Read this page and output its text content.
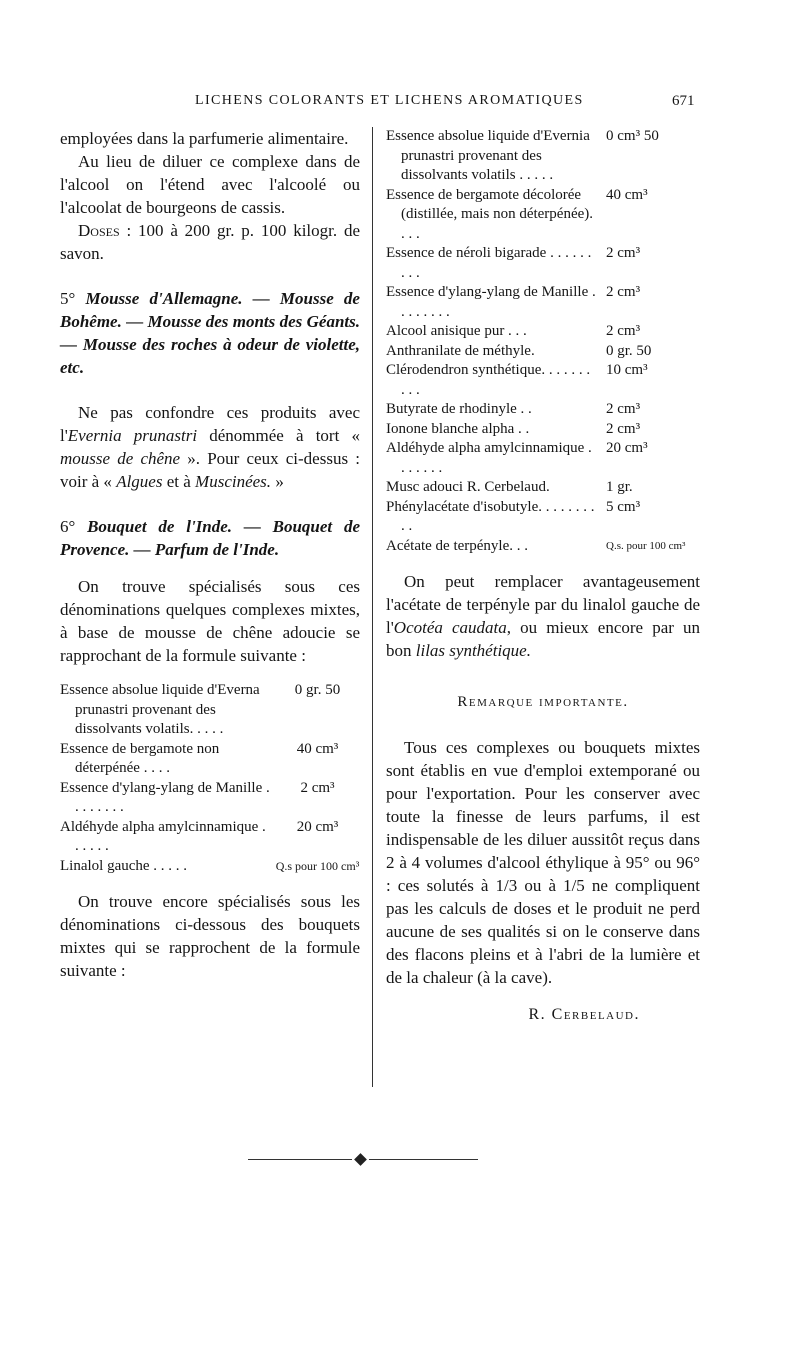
LICHENS COLORANTS ET LICHENS AROMATIQUES	671

employées dans la parfumerie alimentaire.

Au lieu de diluer ce complexe dans de l'alcool on l'étend avec l'alcoolé ou l'alcoolat de bourgeons de cassis.

Doses : 100 à 200 gr. p. 100 kilogr. de savon.

5° Mousse d'Allemagne. — Mousse de Bohême. — Mousse des monts des Géants. — Mousse des roches à odeur de violette, etc.

Ne pas confondre ces produits avec l'Evernia prunastri dénommée à tort « mousse de chêne ». Pour ceux ci-dessus : voir à « Algues et à Muscinées. »

6° Bouquet de l'Inde. — Bouquet de Provence. — Parfum de l'Inde.

On trouve spécialisés sous ces dénominations quelques complexes mixtes, à base de mousse de chêne adoucie se rapprochant de la formule suivante :

Essence absolue liquide d'Everna prunastri provenant des dissolvants volatils. . . . .
0 gr. 50
Essence de bergamote non déterpénée . . . .
40 cm³
Essence d'ylang-ylang de Manille . . . . . . . .
2 cm³
Aldéhyde alpha amylcinnamique . . . . . .
20 cm³
Linalol gauche . . . . .	Q.s pour 100 cm³

On trouve encore spécialisés sous les dénominations ci-dessous des bouquets mixtes qui se rapprochent de la formule suivante :

Essence absolue liquide d'Evernia prunastri provenant des dissolvants volatils . . . . .
0 cm³ 50
Essence de bergamote décolorée (distillée, mais non déterpénée). . . .
40 cm³
Essence de néroli bigarade . . . . . . . . .
2 cm³
Essence d'ylang-ylang de Manille . . . . . . . .
2 cm³
Alcool anisique pur . . .	2 cm³
Anthranilate de méthyle.	0 gr. 50
Clérodendron synthétique. . . . . . . . . .
10 cm³
Butyrate de rhodinyle . .	2 cm³
Ionone blanche alpha . .	2 cm³
Aldéhyde alpha amylcinnamique . . . . . . .
20 cm³
Musc adouci R. Cerbelaud.	1 gr.
Phénylacétate d'isobutyle. . . . . . . . . .
5 cm³
Acétate de terpényle. . .	Q.s. pour 100 cm³

On peut remplacer avantageusement l'acétate de terpényle par du linalol gauche de l'Ocotéa caudata, ou mieux encore par un bon lilas synthétique.

Remarque importante.

Tous ces complexes ou bouquets mixtes sont établis en vue d'emploi extemporané ou pour l'exportation. Pour les conserver avec toute la finesse de leurs parfums, il est indispensable de les diluer aussitôt reçus dans 2 à 4 volumes d'alcool éthylique à 95° ou 96° : ces solutés à 1/3 ou à 1/5 ne compliquent pas les calculs de doses et le produit ne perd aucune de ses qualités si on le conserve dans des flacons pleins et à l'abri de la lumière et de la chaleur (à la cave).

R. Cerbelaud.
